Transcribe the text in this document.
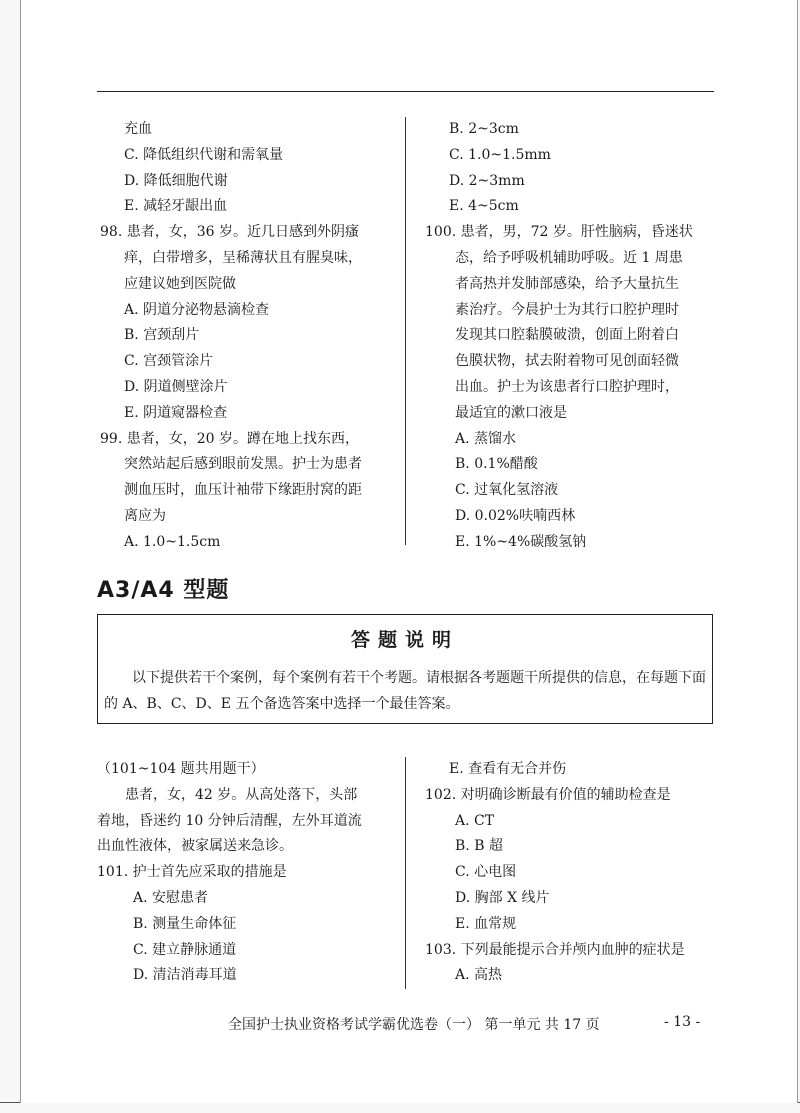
充血
C. 降低组织代谢和需氧量
D. 降低细胞代谢
E. 减轻牙龈出血
98. 患者，女，36 岁。近几日感到外阴瘙
痒，白带增多，呈稀薄状且有腥臭味，
应建议她到医院做
A. 阴道分泌物悬滴检查
B. 宫颈刮片
C. 宫颈管涂片
D. 阴道侧壁涂片
E. 阴道窥器检查
99. 患者，女，20 岁。蹲在地上找东西，
突然站起后感到眼前发黑。护士为患者
测血压时，血压计袖带下缘距肘窝的距
离应为
A. 1.0~1.5cm
B. 2~3cm
C. 1.0~1.5mm
D. 2~3mm
E. 4~5cm
100. 患者，男，72 岁。肝性脑病，昏迷状
态，给予呼吸机辅助呼吸。近 1 周患
者高热并发肺部感染，给予大量抗生
素治疗。今晨护士为其行口腔护理时
发现其口腔黏膜破溃，创面上附着白
色膜状物，拭去附着物可见创面轻微
出血。护士为该患者行口腔护理时，
最适宜的漱口液是
A. 蒸馏水
B. 0.1%醋酸
C. 过氧化氢溶液
D. 0.02%呋喃西林
E. 1%~4%碳酸氢钠
A3/A4 型题
答题说明
以下提供若干个案例，每个案例有若干个考题。请根据各考题题干所提供的信息，在每题下面的 A、B、C、D、E 五个备选答案中选择一个最佳答案。
（101~104 题共用题干）
患者，女，42 岁。从高处落下，头部
着地，昏迷约 10 分钟后清醒，左外耳道流
出血性液体，被家属送来急诊。
101. 护士首先应采取的措施是
A. 安慰患者
B. 测量生命体征
C. 建立静脉通道
D. 清洁消毒耳道
E. 查看有无合并伤
102. 对明确诊断最有价值的辅助检查是
A. CT
B. B 超
C. 心电图
D. 胸部 X 线片
E. 血常规
103. 下列最能提示合并颅内血肿的症状是
A. 高热
全国护士执业资格考试学霸优选卷（一） 第一单元 共 17 页	- 13 -
